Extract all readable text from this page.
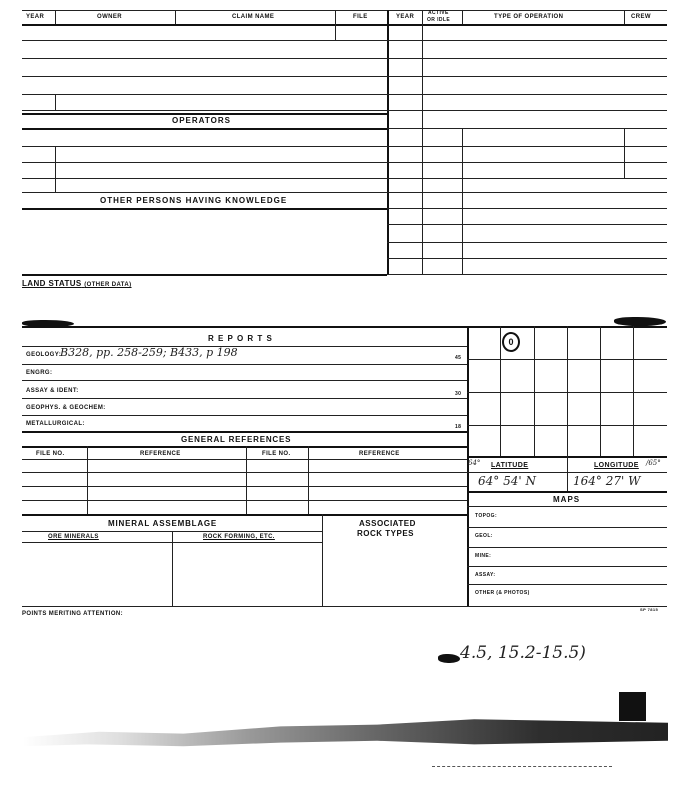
YEAR	OWNER	CLAIM NAME	FILE	YEAR
ACTIVE
OR IDLE	TYPE OF OPERATION	CREW
OPERATORS
OTHER PERSONS HAVING KNOWLEDGE
LAND STATUS (OTHER DATA)
R E P O R T S
GEOLOGY:
B328, pp. 258-259; B433, p 198	45
ENGRG:
ASSAY & IDENT:	30
GEOPHYS. & GEOCHEM:
METALLURGICAL:	18
GENERAL REFERENCES
FILE NO.	REFERENCE	FILE NO.	REFERENCE
MINERAL ASSEMBLAGE
ORE MINERALS	ROCK FORMING, ETC.
ASSOCIATED
ROCK TYPES
0
64° LATITUDE	LONGITUDE /65°
64° 54' N	164° 27' W
MAPS
TOPOG:
GEOL:
MINE:
ASSAY:
OTHER (& PHOTOS)
POINTS MERITING ATTENTION:
SP 7815
4.5, 15.2-15.5)
